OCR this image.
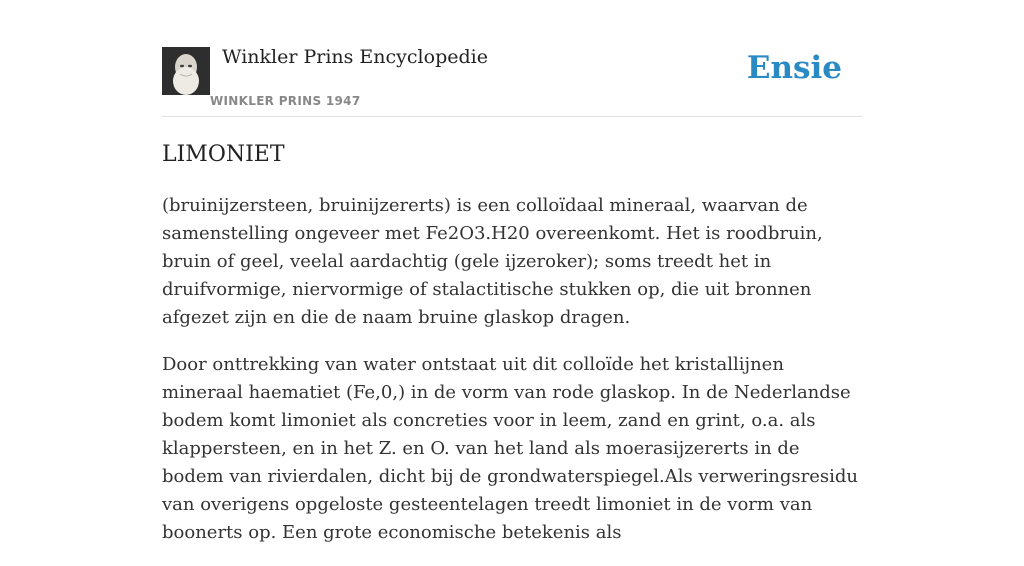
Winkler Prins Encyclopedie
WINKLER PRINS 1947
Ensie
LIMONIET

(bruinijzersteen, bruinijzererts) is een colloïdaal mineraal, waarvan de samenstelling ongeveer met Fe2O3.H20 overeenkomt. Het is roodbruin, bruin of geel, veelal aardachtig (gele ijzeroker); soms treedt het in druifvormige, niervormige of stalactitische stukken op, die uit bronnen afgezet zijn en die de naam bruine glaskop dragen.

Door onttrekking van water ontstaat uit dit colloïde het kristallijnen mineraal haematiet (Fe,0,) in de vorm van rode glaskop. In de Nederlandse bodem komt limoniet als concreties voor in leem, zand en grint, o.a. als klappersteen, en in het Z. en O. van het land als moerasijzererts in de bodem van rivierdalen, dicht bij de grondwaterspiegel.Als verweringsresidu van overigens opgeloste gesteentelagen treedt limoniet in de vorm van boonerts op. Een grote economische betekenis als
